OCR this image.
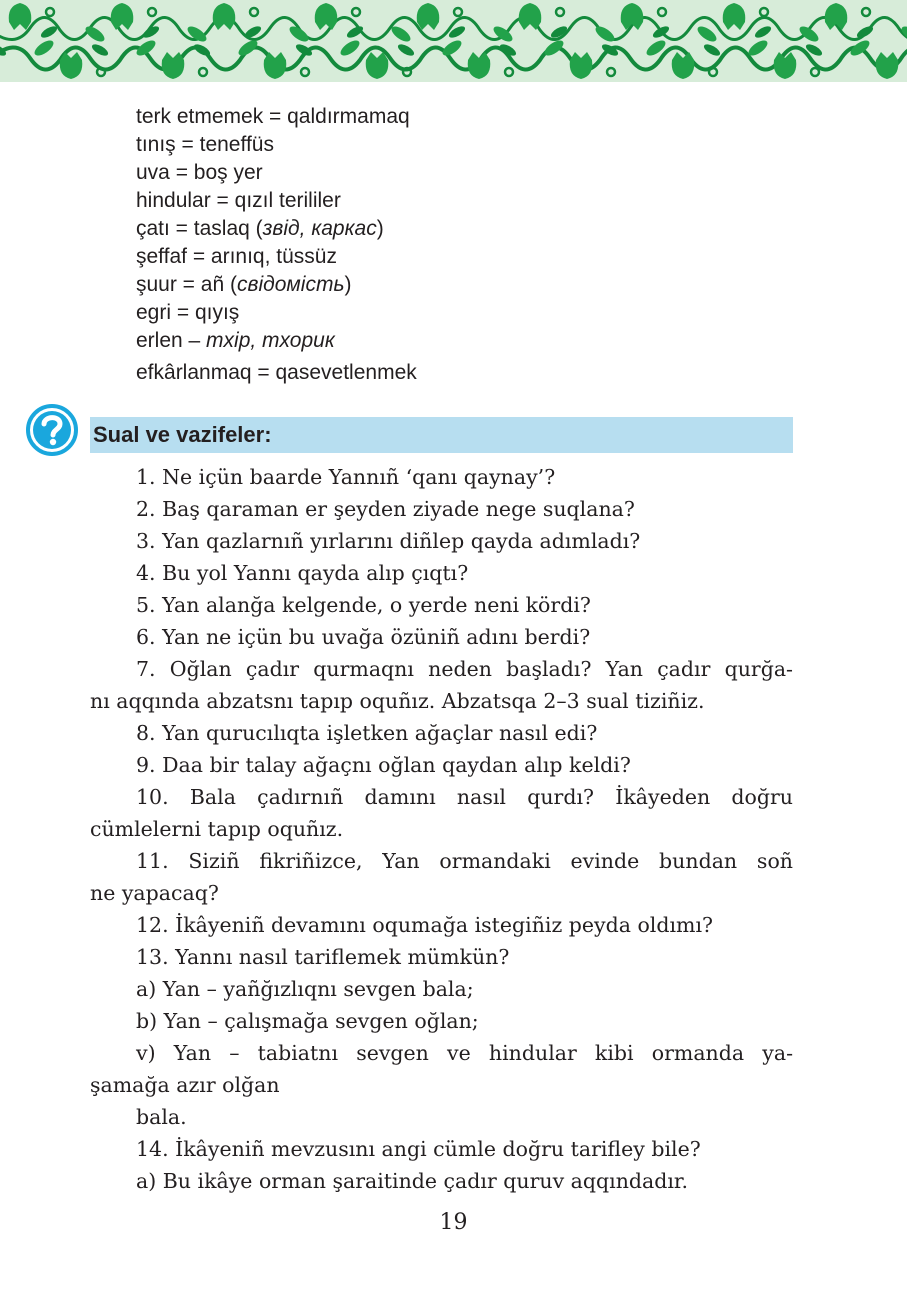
terk etmemek = qaldırmamaq
tınış = teneffüs
uva = boş yer
hindular = qızıl terililer
çatı = taslaq (звід, каркас)
şeffaf = arınıq, tüssüz
şuur = añ (свідомість)
egri = qıyış
erlen – тхір, тхорик
efkârlanmaq = qasevetlenmek
Sual ve vazifeler:
1. Ne içün baarde Yannıñ ‘qanı qaynay’?
2. Baş qaraman er şeyden ziyade nege suqlana?
3. Yan qazlarnıñ yırlarını diñlep qayda adımladı?
4. Bu yol Yannı qayda alıp çıqtı?
5. Yan alanğa kelgende, o yerde neni kördi?
6. Yan ne içün bu uvağa özüniñ adını berdi?
7. Oğlan çadır qurmaqnı neden başladı? Yan çadır qurğa-
nı aqqında abzatsnı tapıp oquñız. Abzatsqa 2–3 sual tiziñiz.
8. Yan qurucılıqta işletken ağaçlar nasıl edi?
9. Daa bir talay ağaçnı oğlan qaydan alıp keldi?
10. Bala çadırnıñ damını nasıl qurdı? İkâyeden doğru
cümlelerni tapıp oquñız.
11. Siziñ fikriñizce, Yan ormandaki evinde bundan soñ
ne yapacaq?
12. İkâyeniñ devamını oqumağa istegiñiz peyda oldımı?
13. Yannı nasıl tariflemek mümkün?
a) Yan – yañğızlıqnı sevgen bala;
b) Yan – çalışmağa sevgen oğlan;
v) Yan – tabiatnı sevgen ve hindular kibi ormanda ya-
şamağa azır olğan
bala.
14. İkâyeniñ mevzusını angi cümle doğru tarifley bile?
a) Bu ikâye orman şaraitinde çadır quruv aqqındadır.
19
